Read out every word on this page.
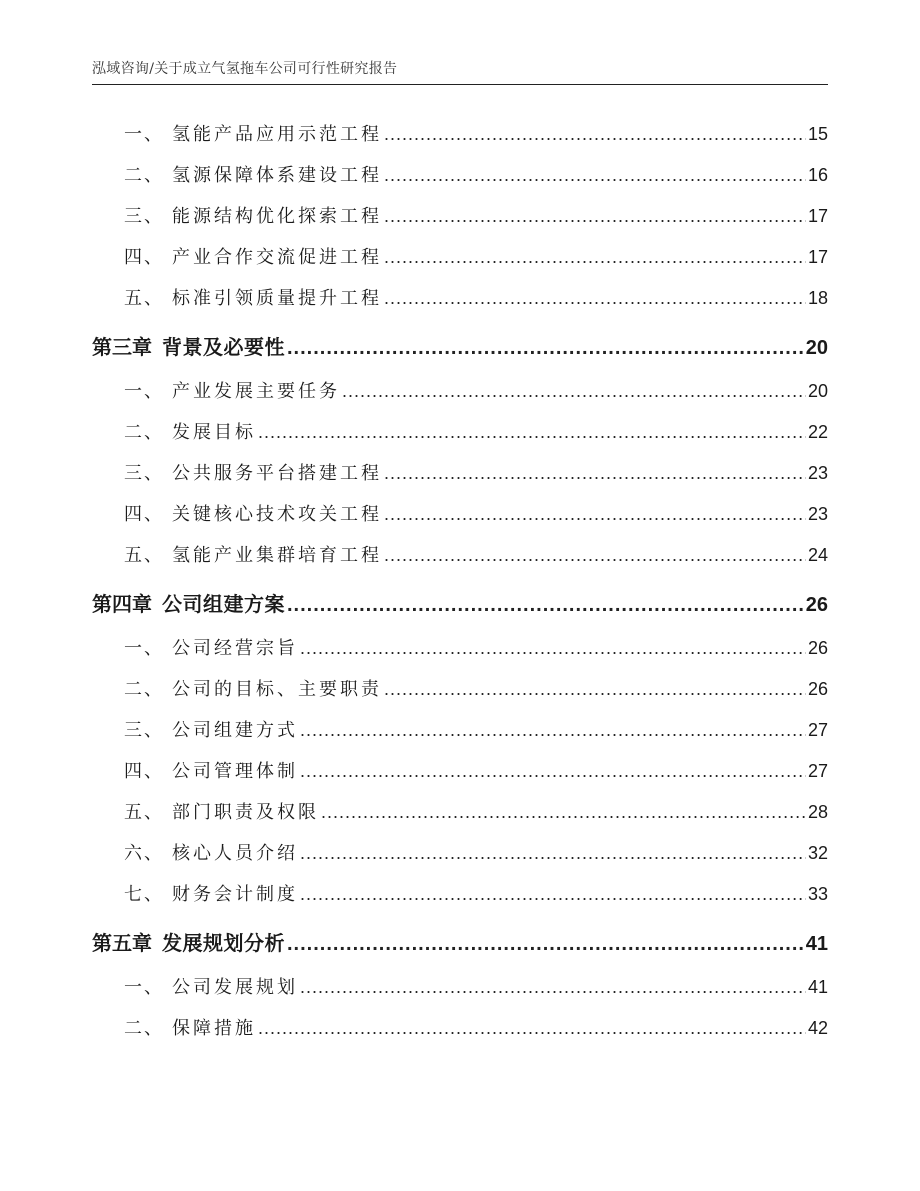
泓域咨询/关于成立气氢拖车公司可行性研究报告
一、 氢能产品应用示范工程 .....	15
二、 氢源保障体系建设工程 .....	16
三、 能源结构优化探索工程 .....	17
四、 产业合作交流促进工程 .....	17
五、 标准引领质量提升工程 .....	18
第三章 背景及必要性 .....	20
一、 产业发展主要任务 .....	20
二、 发展目标 .....	22
三、 公共服务平台搭建工程 .....	23
四、 关键核心技术攻关工程 .....	23
五、 氢能产业集群培育工程 .....	24
第四章 公司组建方案 .....	26
一、 公司经营宗旨 .....	26
二、 公司的目标、主要职责 .....	26
三、 公司组建方式 .....	27
四、 公司管理体制 .....	27
五、 部门职责及权限 .....	28
六、 核心人员介绍 .....	32
七、 财务会计制度 .....	33
第五章 发展规划分析 .....	41
一、 公司发展规划 .....	41
二、 保障措施 .....	42
